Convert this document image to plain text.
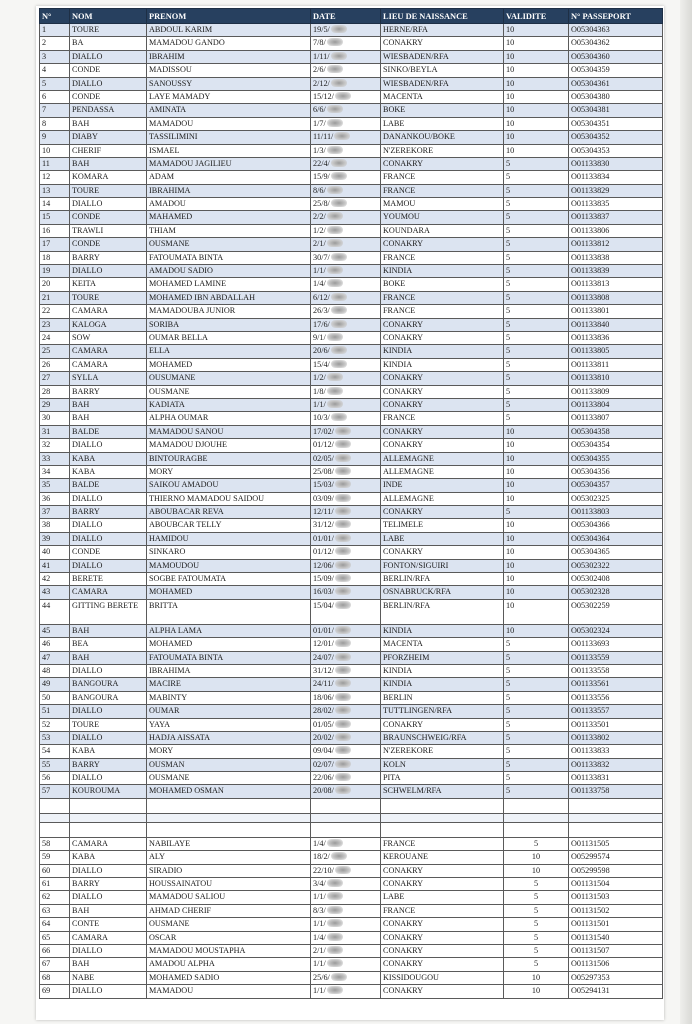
N°	NOM	PRENOM	DATE	LIEU DE NAISSANCE	VALIDITE	N° PASSEPORT
1	TOURE	ABDOUL KARIM	19/5/	HERNE/RFA	10	O05304363
2	BA	MAMADOU GANDO	7/8/	CONAKRY	10	O05304362
3	DIALLO	IBRAHIM	1/11/	WIESBADEN/RFA	10	O05304360
4	CONDE	MADISSOU	2/6/	SINKO/BEYLA	10	O05304359
5	DIALLO	SANOUSSY	2/12/	WIESBADEN/RFA	10	O05304361
6	CONDE	LAYE MAMADY	15/12/	MACENTA	10	O05304380
7	PENDASSA	AMINATA	6/6/	BOKE	10	O05304381
8	BAH	MAMADOU	1/7/	LABE	10	O05304351
9	DIABY	TASSILIMINI	11/11/	DANANKOU/BOKE	10	O05304352
10	CHERIF	ISMAEL	1/3/	N'ZEREKORE	10	O05304353
11	BAH	MAMADOU JAGILIEU	22/4/	CONAKRY	5	O01133830
12	KOMARA	ADAM	15/9/	FRANCE	5	O01133834
13	TOURE	IBRAHIMA	8/6/	FRANCE	5	O01133829
14	DIALLO	AMADOU	25/8/	MAMOU	5	O01133835
15	CONDE	MAHAMED	2/2/	YOUMOU	5	O01133837
16	TRAWLI	THIAM	1/2/	KOUNDARA	5	O01133806
17	CONDE	OUSMANE	2/1/	CONAKRY	5	O01133812
18	BARRY	FATOUMATA BINTA	30/7/	FRANCE	5	O01133838
19	DIALLO	AMADOU SADIO	1/1/	KINDIA	5	O01133839
20	KEITA	MOHAMED LAMINE	1/4/	BOKE	5	O01133813
21	TOURE	MOHAMED IBN ABDALLAH	6/12/	FRANCE	5	O01133808
22	CAMARA	MAMADOUBA JUNIOR	26/3/	FRANCE	5	O01133801
23	KALOGA	SORIBA	17/6/	CONAKRY	5	O01133840
24	SOW	OUMAR BELLA	9/1/	CONAKRY	5	O01133836
25	CAMARA	ELLA	20/6/	KINDIA	5	O01133805
26	CAMARA	MOHAMED	15/4/	KINDIA	5	O01133811
27	SYLLA	OUSUMANE	1/2/	CONAKRY	5	O01133810
28	BARRY	OUSMANE	1/8/	CONAKRY	5	O01133809
29	BAH	KADIATA	1/1/	CONAKRY	5	O01133804
30	BAH	ALPHA OUMAR	10/3/	FRANCE	5	O01133807
31	BALDE	MAMADOU SANOU	17/02/	CONAKRY	10	O05304358
32	DIALLO	MAMADOU DJOUHE	01/12/	CONAKRY	10	O05304354
33	KABA	BINTOURAGBE	02/05/	ALLEMAGNE	10	O05304355
34	KABA	MORY	25/08/	ALLEMAGNE	10	O05304356
35	BALDE	SAIKOU AMADOU	15/03/	INDE	10	O05304357
36	DIALLO	THIERNO MAMADOU SAIDOU	03/09/	ALLEMAGNE	10	O05302325
37	BARRY	ABOUBACAR REVA	12/11/	CONAKRY	5	O01133803
38	DIALLO	ABOUBCAR TELLY	31/12/	TELIMELE	10	O05304366
39	DIALLO	HAMIDOU	01/01/	LABE	10	O05304364
40	CONDE	SINKARO	01/12/	CONAKRY	10	O05304365
41	DIALLO	MAMOUDOU	12/06/	FONTON/SIGUIRI	10	O05302322
42	BERETE	SOGBE FATOUMATA	15/09/	BERLIN/RFA	10	O05302408
43	CAMARA	MOHAMED	16/03/	OSNABRUCK/RFA	10	O05302328
44	GITTING BERETE	BRITTA	15/04/	BERLIN/RFA	10	O05302259
45	BAH	ALPHA LAMA	01/01/	KINDIA	10	O05302324
46	BEA	MOHAMED	12/01/	MACENTA	5	O01133693
47	BAH	FATOUMATA BINTA	24/07/	PFORZHEIM	5	O01133559
48	DIALLO	IBRAHIMA	31/12/	KINDIA	5	O01133558
49	BANGOURA	MACIRE	24/11/	KINDIA	5	O01133561
50	BANGOURA	MABINTY	18/06/	BERLIN	5	O01133556
51	DIALLO	OUMAR	28/02/	TUTTLINGEN/RFA	5	O01133557
52	TOURE	YAYA	01/05/	CONAKRY	5	O01133501
53	DIALLO	HADJA AISSATA	20/02/	BRAUNSCHWEIG/RFA	5	O01133802
54	KABA	MORY	09/04/	N'ZEREKORE	5	O01133833
55	BARRY	OUSMAN	02/07/	KOLN	5	O01133832
56	DIALLO	OUSMANE	22/06/	PITA	5	O01133831
57	KOUROUMA	MOHAMED OSMAN	20/08/	SCHWELM/RFA	5	O01133758

58	CAMARA	NABILAYE	1/4/	FRANCE	5	O01131505
59	KABA	ALY	18/2/	KEROUANE	10	O05299574
60	DIALLO	SIRADIO	22/10/	CONAKRY	10	O05299598
61	BARRY	HOUSSAINATOU	3/4/	CONAKRY	5	O01131504
62	DIALLO	MAMADOU SALIOU	1/1/	LABE	5	O01131503
63	BAH	AHMAD CHERIF	8/3/	FRANCE	5	O01131502
64	CONTE	OUSMANE	1/1/	CONAKRY	5	O01131501
65	CAMARA	OSCAR	1/4/	CONAKRY	5	O01131540
66	DIALLO	MAMADOU MOUSTAPHA	2/1/	CONAKRY	5	O01131507
67	BAH	AMADOU ALPHA	1/1/	CONAKRY	5	O01131506
68	NABE	MOHAMED SADIO	25/6/	KISSIDOUGOU	10	O05297353
69	DIALLO	MAMADOU	1/1/	CONAKRY	10	O05294131
